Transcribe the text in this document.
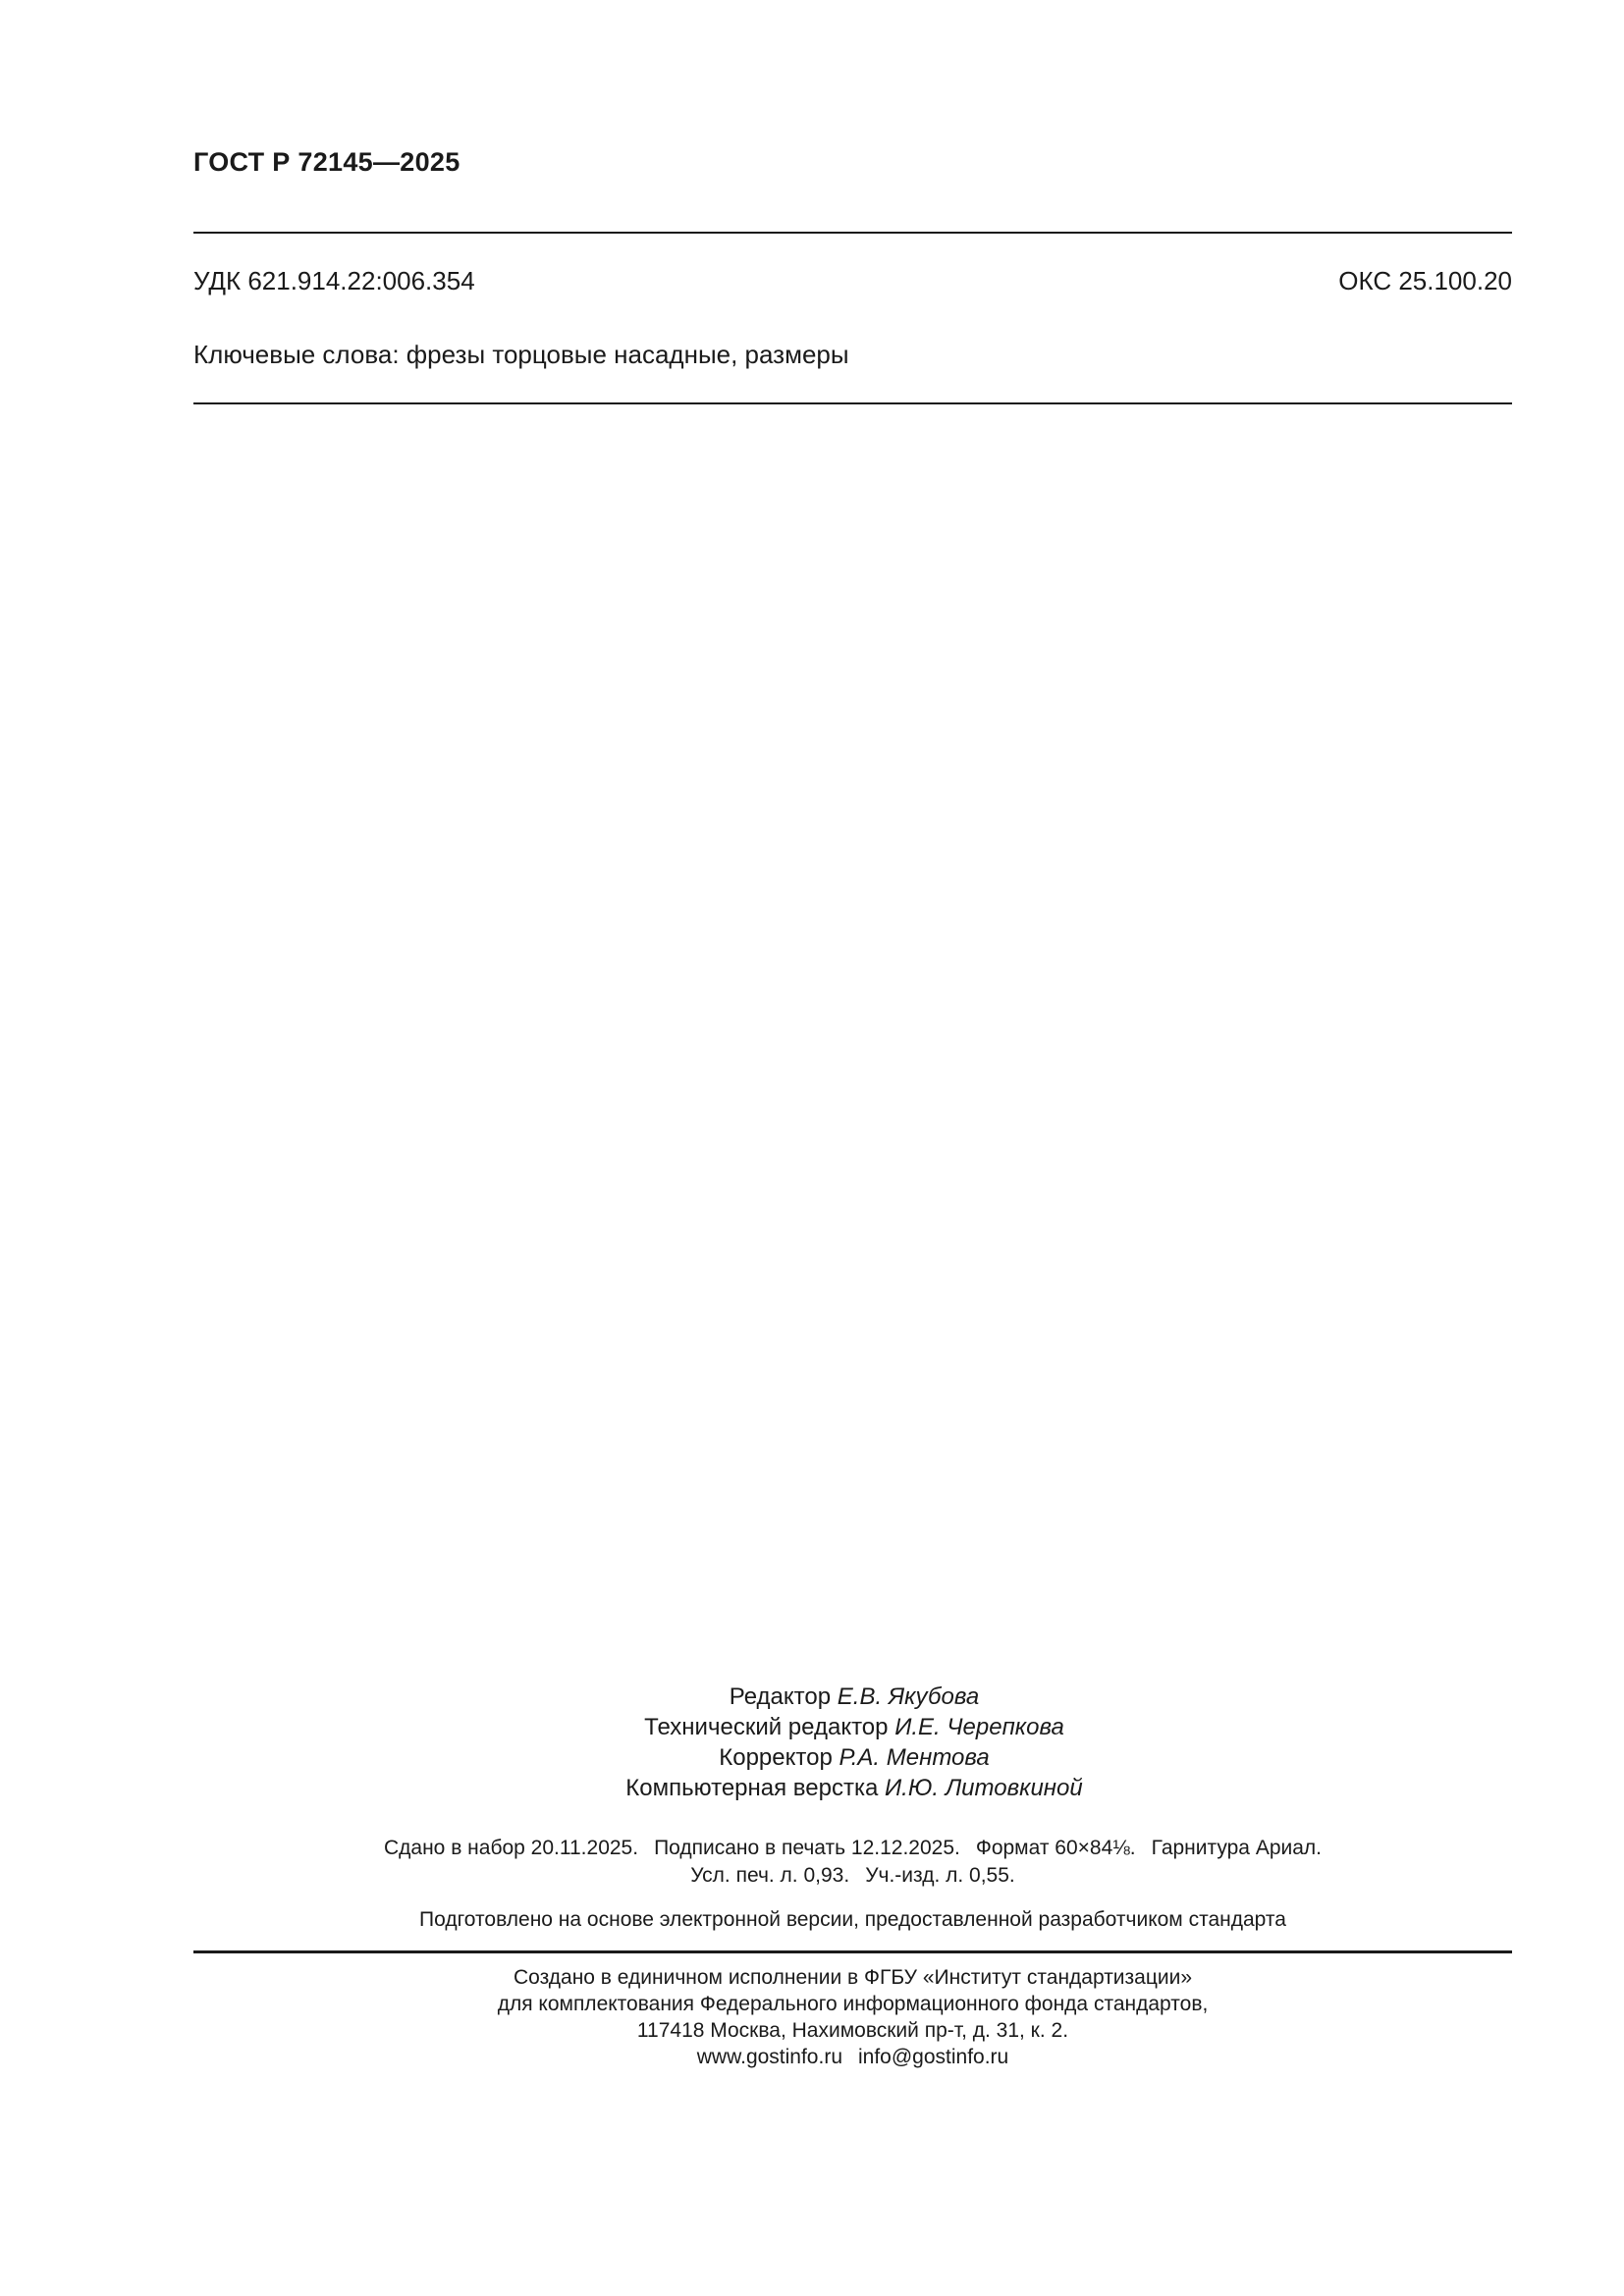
ГОСТ Р 72145—2025
УДК 621.914.22:006.354	ОКС 25.100.20
Ключевые слова: фрезы торцовые насадные, размеры
Редактор Е.В. Якубова
Технический редактор И.Е. Черепкова
Корректор Р.А. Ментова
Компьютерная верстка И.Ю. Литовкиной
Сдано в набор 20.11.2025. Подписано в печать 12.12.2025. Формат 60×84⅛. Гарнитура Ариал.
Усл. печ. л. 0,93. Уч.-изд. л. 0,55.
Подготовлено на основе электронной версии, предоставленной разработчиком стандарта
Создано в единичном исполнении в ФГБУ «Институт стандартизации»
для комплектования Федерального информационного фонда стандартов,
117418 Москва, Нахимовский пр-т, д. 31, к. 2.
www.gostinfo.ru info@gostinfo.ru
